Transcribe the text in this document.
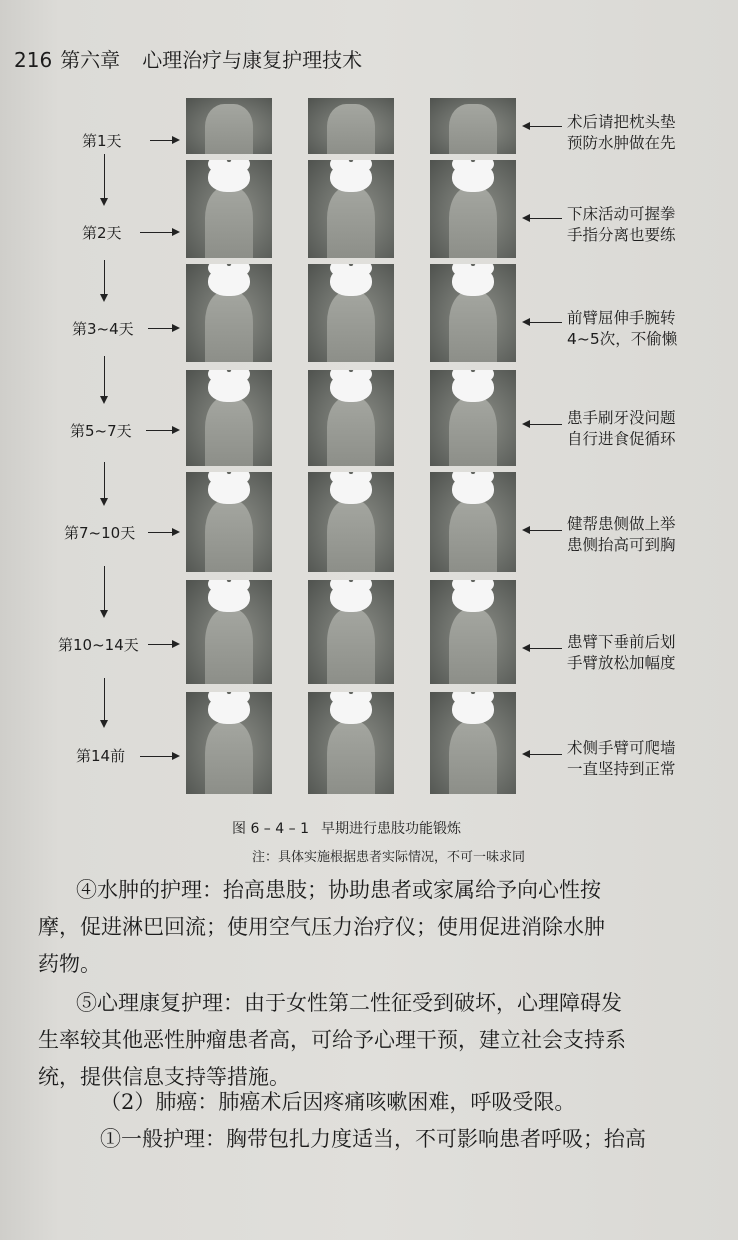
216 第六章 心理治疗与康复护理技术
第1天
第2天
第3~4天
第5~7天
第7~10天
第10~14天
第14前
术后请把枕头垫
预防水肿做在先
下床活动可握拳
手指分离也要练
前臂屈伸手腕转
4~5次，不偷懒
患手刷牙没问题
自行进食促循环
健帮患侧做上举
患侧抬高可到胸
患臂下垂前后划
手臂放松加幅度
术侧手臂可爬墙
一直坚持到正常
图 6 – 4 – 1 早期进行患肢功能锻炼
注：具体实施根据患者实际情况，不可一味求同
④水肿的护理：抬高患肢；协助患者或家属给予向心性按
摩，促进淋巴回流；使用空气压力治疗仪；使用促进消除水肿
药物。
⑤心理康复护理：由于女性第二性征受到破坏，心理障碍发
生率较其他恶性肿瘤患者高，可给予心理干预，建立社会支持系
统，提供信息支持等措施。
（2）肺癌：肺癌术后因疼痛咳嗽困难，呼吸受限。
①一般护理：胸带包扎力度适当，不可影响患者呼吸；抬高
